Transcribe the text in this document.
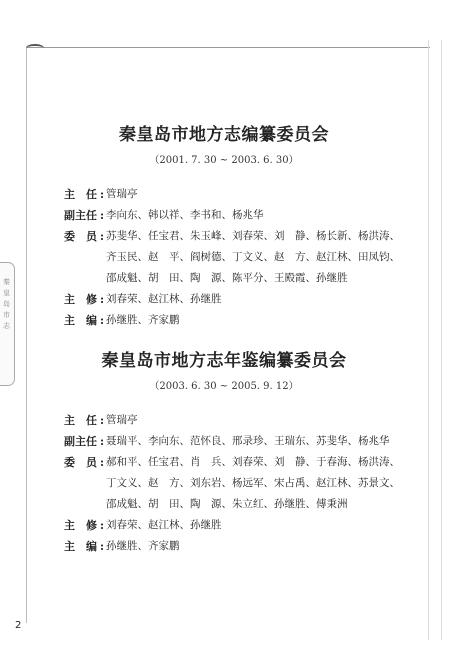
秦皇岛市志
秦皇岛市地方志编纂委员会

（2001. 7. 30 ~ 2003. 6. 30）

主　任 : 管瑞亭
副主任 : 李向东、韩以祥、李书和、杨兆华
委　员 : 苏斐华、任宝君、朱玉峰、刘春荣、刘　静、杨长新、杨洪涛、
齐玉民、赵　平、阎树德、丁文义、赵　方、赵江林、田凤钧、
邵成魁、胡　田、陶　源、陈平分、王殿霞、孙继胜
主　修 : 刘春荣、赵江林、孙继胜
主　编 : 孙继胜、齐家鹏
秦皇岛市地方志年鉴编纂委员会

（2003. 6. 30 ~ 2005. 9. 12）

主　任 : 管瑞亭
副主任 : 聂瑞平、李向东、范怀良、邢录珍、王瑞东、苏斐华、杨兆华
委　员 : 郝和平、任宝君、肖　兵、刘春荣、刘　静、于春海、杨洪涛、
丁文义、赵　方、刘东岩、杨远军、宋占禹、赵江林、苏景文、
邵成魁、胡　田、陶　源、朱立红、孙继胜、傅秉洲
主　修 : 刘春荣、赵江林、孙继胜
主　编 : 孙继胜、齐家鹏
2
